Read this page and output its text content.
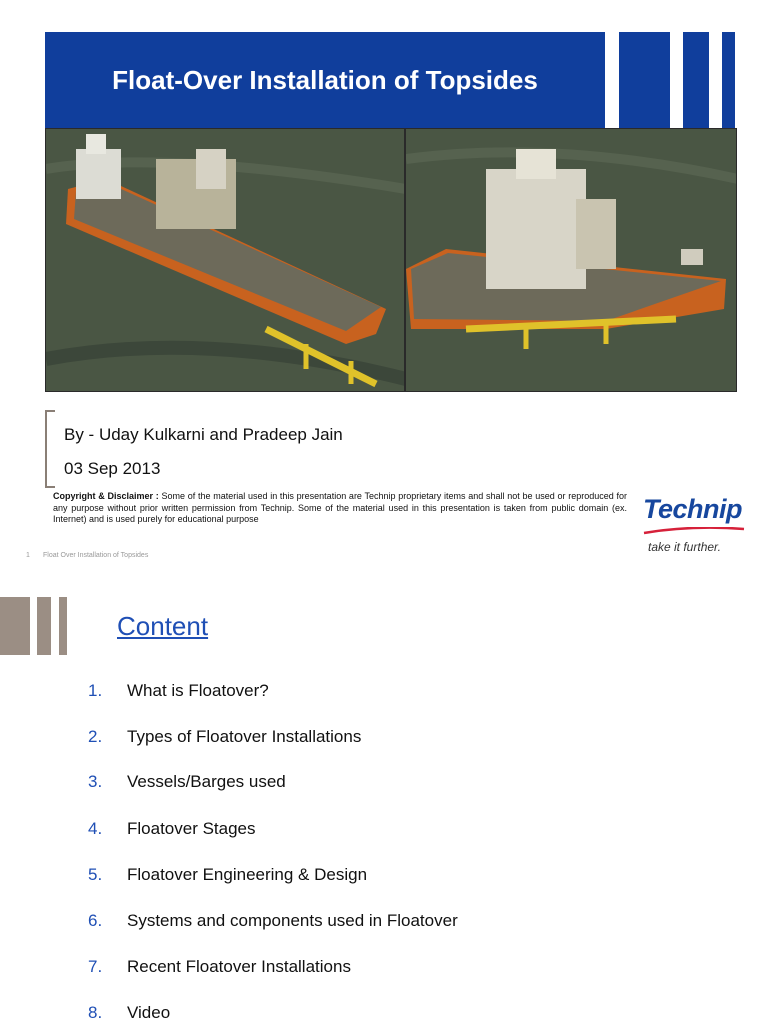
Float-Over Installation of Topsides
By - Uday Kulkarni and Pradeep Jain
03 Sep 2013
Copyright & Disclaimer : Some of the material used in this presentation are Technip proprietary items and shall not be used or reproduced for any purpose without prior written permission from Technip. Some of the material used in this presentation is taken from public domain (ex. Internet) and is used purely for educational purpose	Technip
take it further.
1 Float Over Installation of Topsides
Content
1. What is Floatover?
2. Types of Floatover Installations
3. Vessels/Barges used
4. Floatover Stages
5. Floatover Engineering & Design
6. Systems and components used in Floatover
7. Recent Floatover Installations
8. Video
